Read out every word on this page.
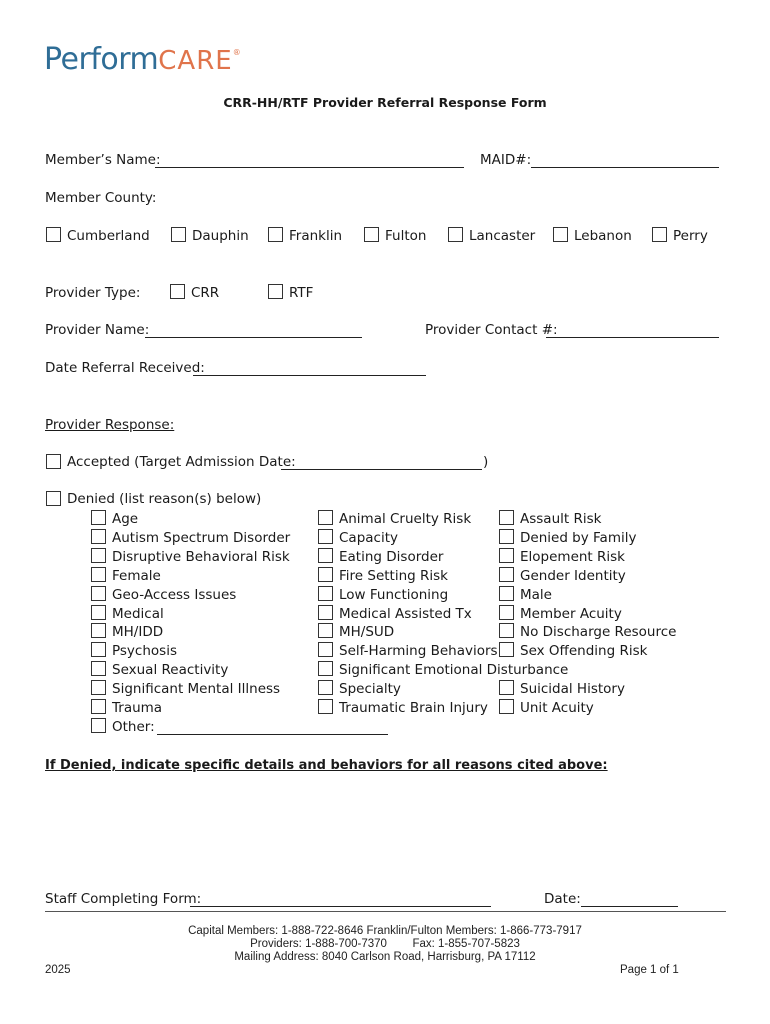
PerformCARE®
CRR-HH/RTF Provider Referral Response Form
Member’s Name:	MAID#:
Member County:
Cumberland	Dauphin	Franklin	Fulton	Lancaster	Lebanon	Perry
Provider Type:	CRR	RTF
Provider Name:	Provider Contact #:
Date Referral Received:
Provider Response:
Accepted (Target Admission Date:	)
Denied (list reason(s) below)
Age
Autism Spectrum Disorder
Disruptive Behavioral Risk
Female
Geo-Access Issues
Medical
MH/IDD
Psychosis
Sexual Reactivity
Significant Mental Illness
Trauma
Other:
Animal Cruelty Risk
Capacity
Eating Disorder
Fire Setting Risk
Low Functioning
Medical Assisted Tx
MH/SUD
Self-Harming Behaviors
Significant Emotional Disturbance
Specialty
Traumatic Brain Injury
Assault Risk
Denied by Family
Elopement Risk
Gender Identity
Male
Member Acuity
No Discharge Resource
Sex Offending Risk
Suicidal History
Unit Acuity
If Denied, indicate specific details and behaviors for all reasons cited above:
Staff Completing Form:	Date:
Capital Members: 1-888-722-8646 Franklin/Fulton Members: 1-866-773-7917
Providers: 1-888-700-7370        Fax: 1-855-707-5823
Mailing Address: 8040 Carlson Road, Harrisburg, PA 17112
2025	Page 1 of 1
